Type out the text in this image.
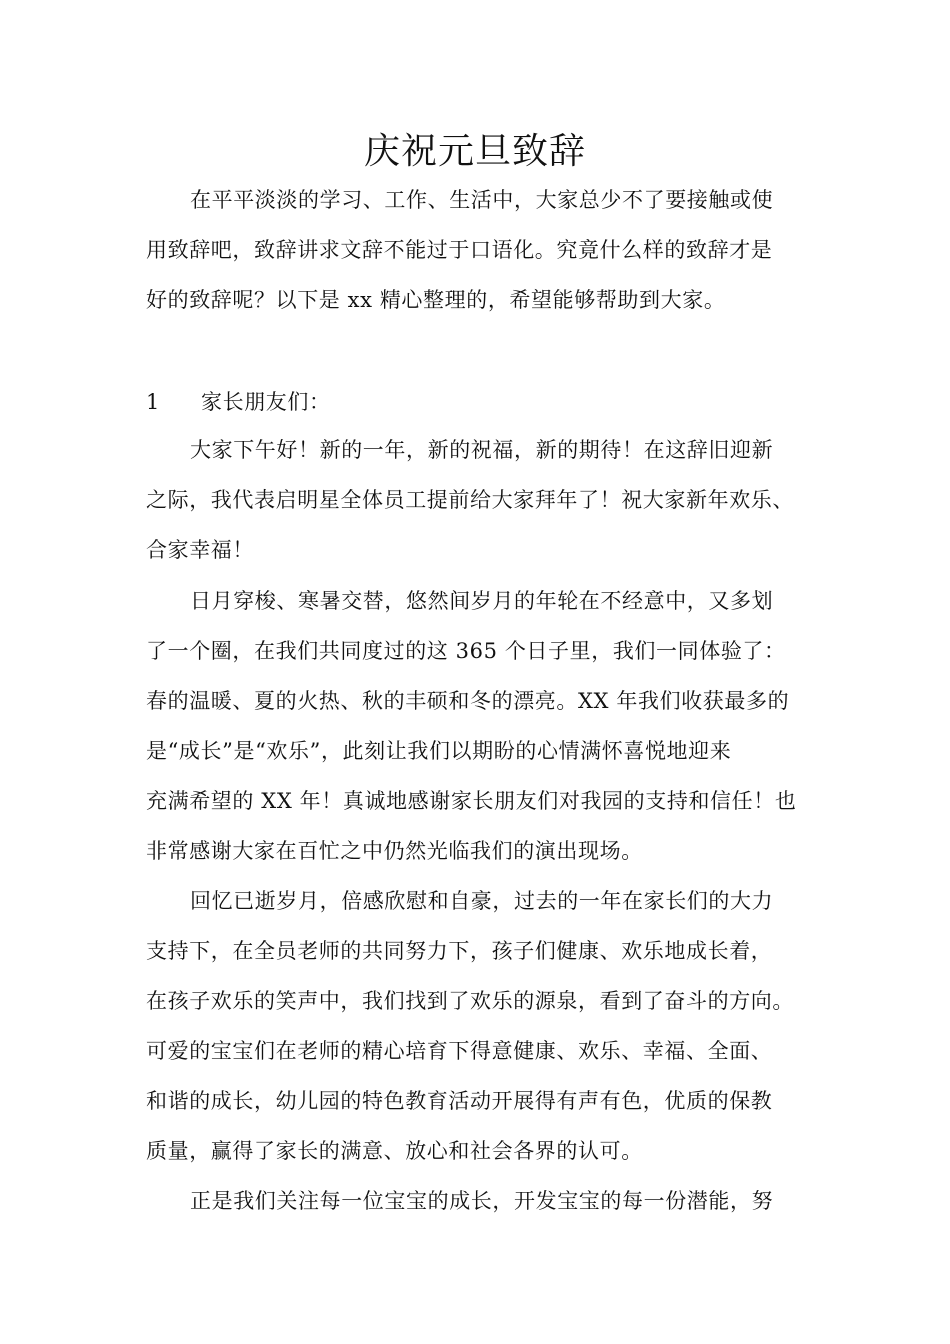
庆祝元旦致辞
在平平淡淡的学习、工作、生活中，大家总少不了要接触或使
用致辞吧，致辞讲求文辞不能过于口语化。究竟什么样的致辞才是
好的致辞呢？以下是 xx 精心整理的，希望能够帮助到大家。
1 家长朋友们：
大家下午好！新的一年，新的祝福，新的期待！在这辞旧迎新
之际，我代表启明星全体员工提前给大家拜年了！祝大家新年欢乐、
合家幸福！
日月穿梭、寒暑交替，悠然间岁月的年轮在不经意中，又多划
了一个圈，在我们共同度过的这 365 个日子里，我们一同体验了：
春的温暖、夏的火热、秋的丰硕和冬的漂亮。XX 年我们收获最多的
是“成长”是“欢乐”，此刻让我们以期盼的心情满怀喜悦地迎来
充满希望的 XX 年！真诚地感谢家长朋友们对我园的支持和信任！也
非常感谢大家在百忙之中仍然光临我们的演出现场。
回忆已逝岁月，倍感欣慰和自豪，过去的一年在家长们的大力
支持下，在全员老师的共同努力下，孩子们健康、欢乐地成长着，
在孩子欢乐的笑声中，我们找到了欢乐的源泉，看到了奋斗的方向。
可爱的宝宝们在老师的精心培育下得意健康、欢乐、幸福、全面、
和谐的成长，幼儿园的特色教育活动开展得有声有色，优质的保教
质量，赢得了家长的满意、放心和社会各界的认可。
正是我们关注每一位宝宝的成长，开发宝宝的每一份潜能，努
